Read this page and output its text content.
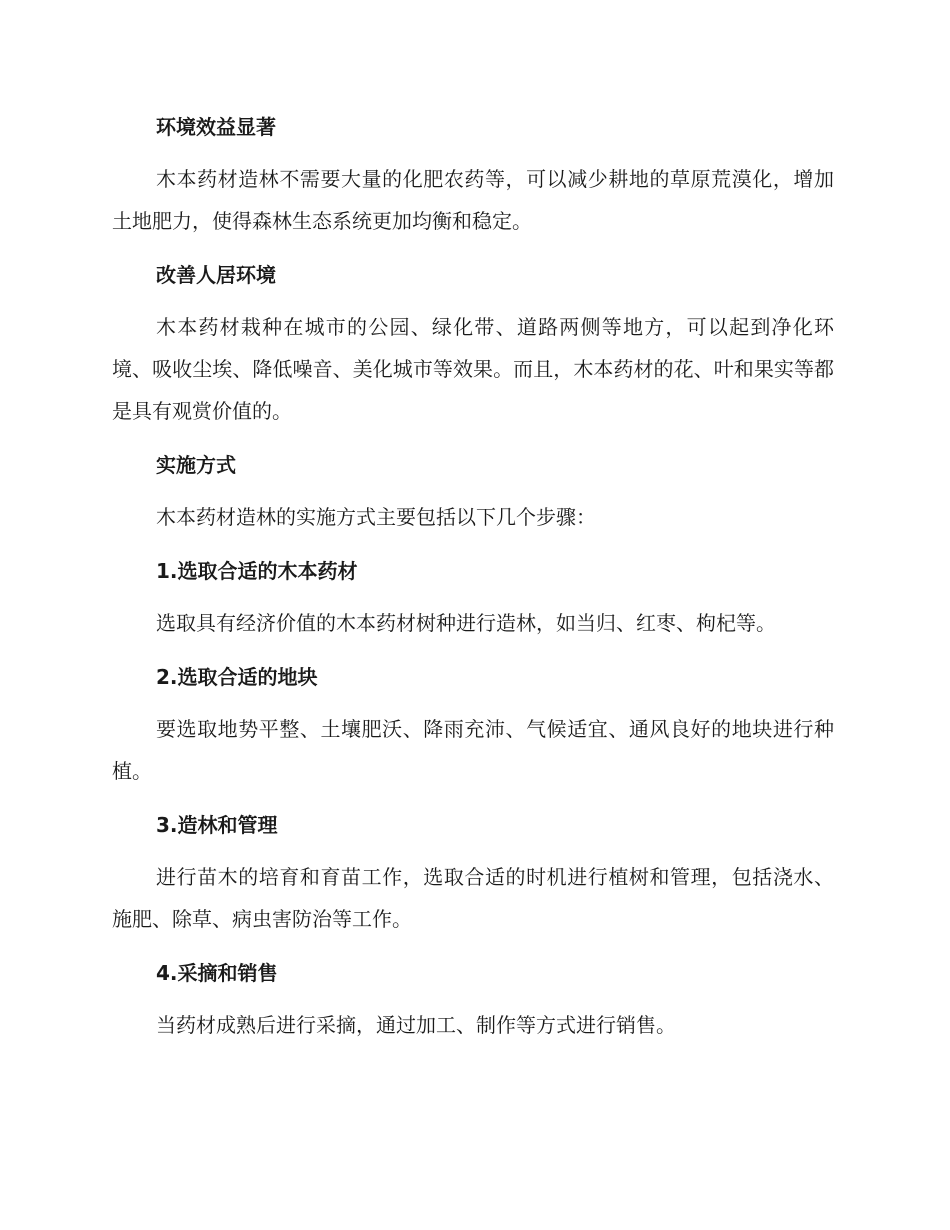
环境效益显著

木本药材造林不需要大量的化肥农药等，可以减少耕地的草原荒漠化，增加土地肥力，使得森林生态系统更加均衡和稳定。

改善人居环境

木本药材栽种在城市的公园、绿化带、道路两侧等地方，可以起到净化环境、吸收尘埃、降低噪音、美化城市等效果。而且，木本药材的花、叶和果实等都是具有观赏价值的。

实施方式

木本药材造林的实施方式主要包括以下几个步骤：

1.选取合适的木本药材

选取具有经济价值的木本药材树种进行造林，如当归、红枣、枸杞等。

2.选取合适的地块

要选取地势平整、土壤肥沃、降雨充沛、气候适宜、通风良好的地块进行种植。

3.造林和管理

进行苗木的培育和育苗工作，选取合适的时机进行植树和管理，包括浇水、施肥、除草、病虫害防治等工作。

4.采摘和销售

当药材成熟后进行采摘，通过加工、制作等方式进行销售。
